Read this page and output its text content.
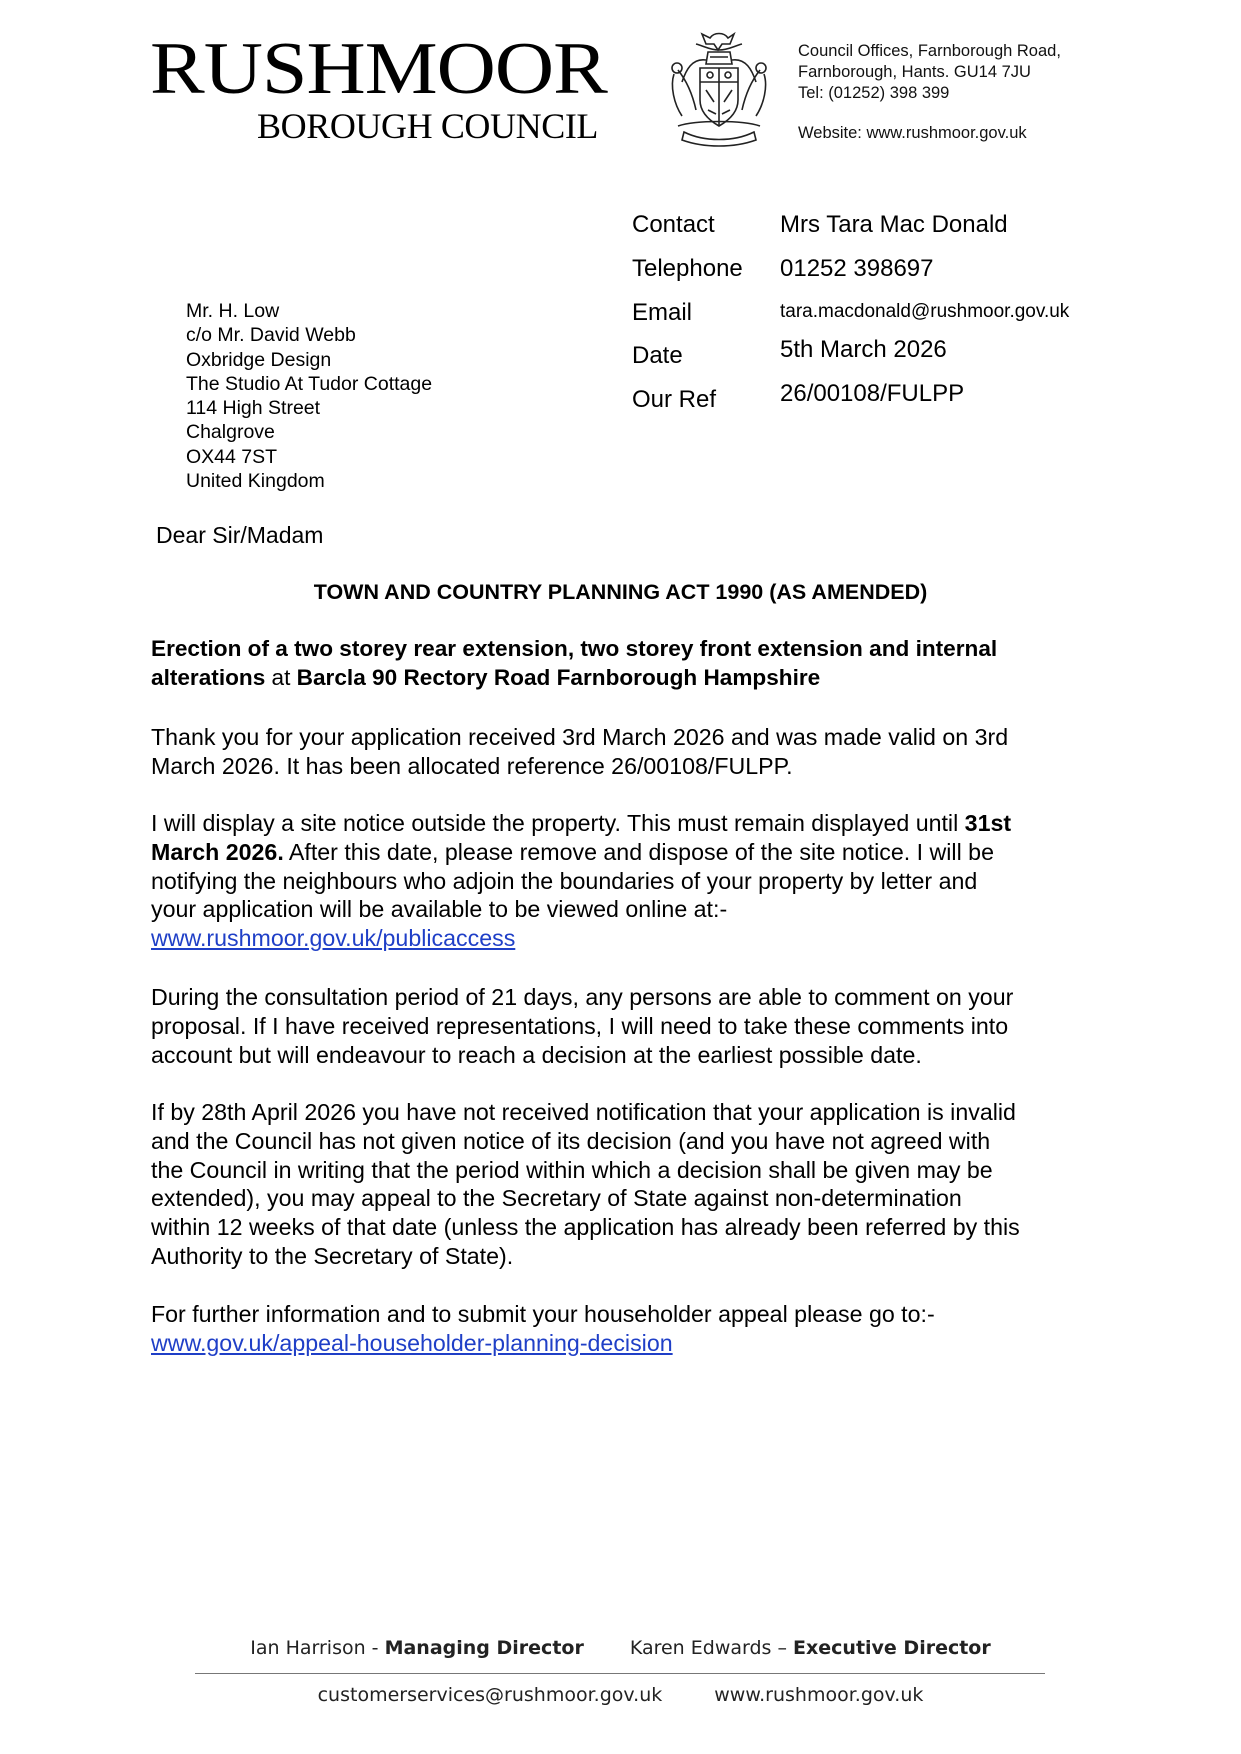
RUSHMOOR
BOROUGH COUNCIL
Council Offices, Farnborough Road,
Farnborough, Hants. GU14 7JU
Tel: (01252) 398 399
Website: www.rushmoor.gov.uk
Contact	Mrs Tara Mac Donald
Telephone 01252 398697
Email	tara.macdonald@rushmoor.gov.uk
Date	5th March 2026
Our Ref	26/00108/FULPP
Mr. H. Low
c/o Mr. David Webb
Oxbridge Design
The Studio At Tudor Cottage
114 High Street
Chalgrove
OX44 7ST
United Kingdom
Dear Sir/Madam
TOWN AND COUNTRY PLANNING ACT 1990 (AS AMENDED)
Erection of a two storey rear extension, two storey front extension and internal
alterations at Barcla 90 Rectory Road Farnborough Hampshire
Thank you for your application received 3rd March 2026 and was made valid on 3rd
March 2026. It has been allocated reference 26/00108/FULPP.
I will display a site notice outside the property. This must remain displayed until 31st
March 2026. After this date, please remove and dispose of the site notice. I will be
notifying the neighbours who adjoin the boundaries of your property by letter and
your application will be available to be viewed online at:-
www.rushmoor.gov.uk/publicaccess
During the consultation period of 21 days, any persons are able to comment on your
proposal. If I have received representations, I will need to take these comments into
account but will endeavour to reach a decision at the earliest possible date.
If by 28th April 2026 you have not received notification that your application is invalid
and the Council has not given notice of its decision (and you have not agreed with
the Council in writing that the period within which a decision shall be given may be
extended), you may appeal to the Secretary of State against non-determination
within 12 weeks of that date (unless the application has already been referred by this
Authority to the Secretary of State).
For further information and to submit your householder appeal please go to:-
www.gov.uk/appeal-householder-planning-decision
Ian Harrison - Managing Director Karen Edwards – Executive Director
customerservices@rushmoor.gov.uk	www.rushmoor.gov.uk
